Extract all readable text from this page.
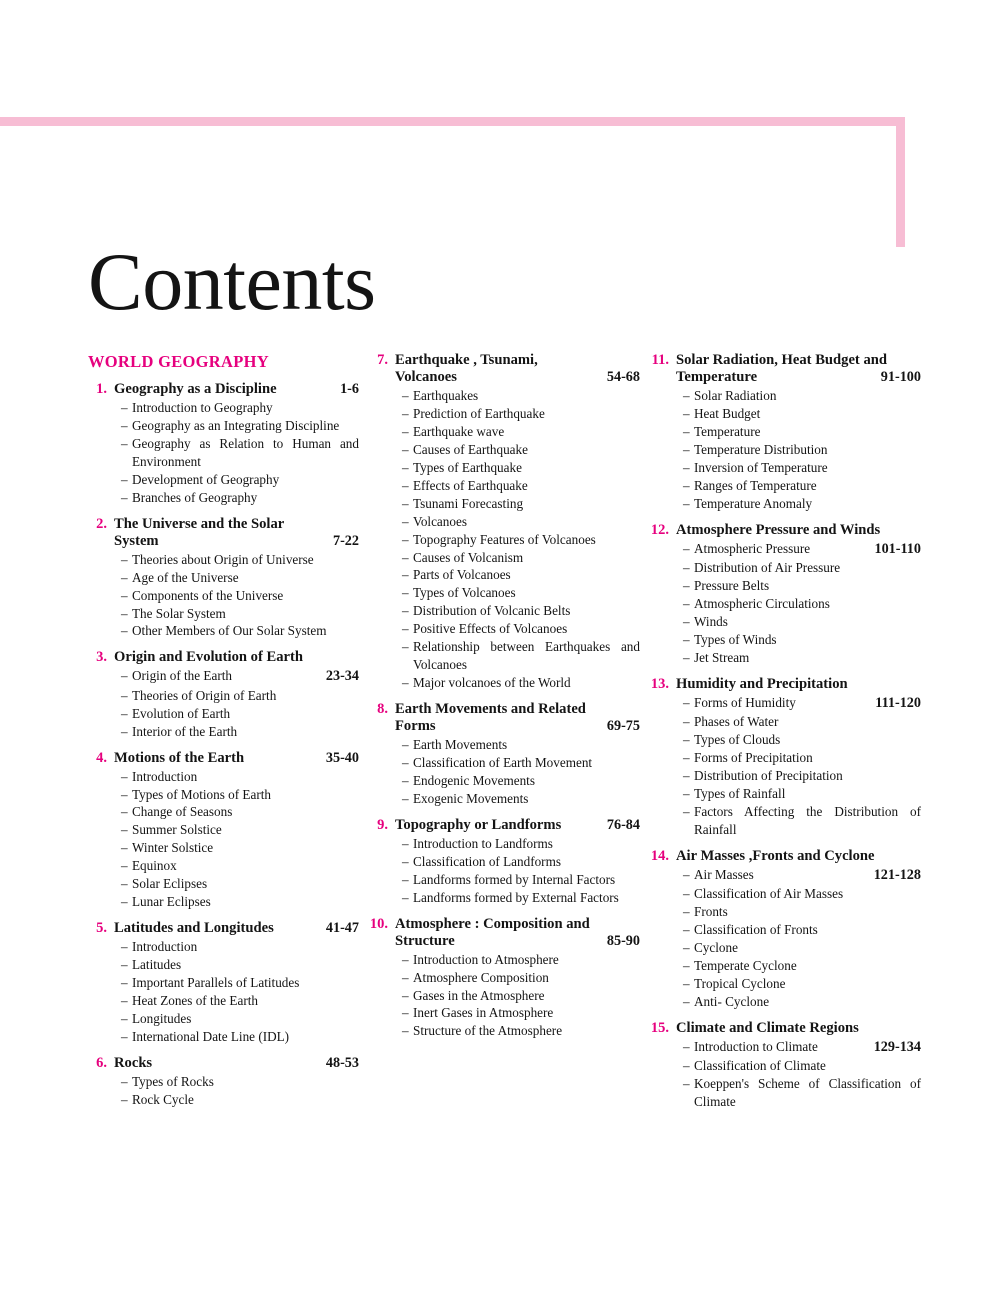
Contents
WORLD GEOGRAPHY
1. Geography as a Discipline	1-6
– Introduction to Geography
– Geography as an Integrating Discipline
– Geography as Relation to Human and Environment
– Development of Geography
– Branches of Geography
2. The Universe and the Solar
System	7-22
– Theories about Origin of Universe
– Age of the Universe
– Components of the Universe
– The Solar System
– Other Members of Our Solar System
3. Origin and Evolution of Earth
– Origin of the Earth	23-34
– Theories of Origin of Earth
– Evolution of Earth
– Interior of the Earth
4. Motions of the Earth	35-40
– Introduction
– Types of Motions of Earth
– Change of Seasons
– Summer Solstice
– Winter Solstice
– Equinox
– Solar Eclipses
– Lunar Eclipses
5. Latitudes and Longitudes	41-47
– Introduction
– Latitudes
– Important Parallels of Latitudes
– Heat Zones of the Earth
– Longitudes
– International Date Line (IDL)
6. Rocks	48-53
– Types of Rocks
– Rock Cycle
7. Earthquake , Tsunami,
Volcanoes	54-68
– Earthquakes
– Prediction of Earthquake
– Earthquake wave
– Causes of Earthquake
– Types of Earthquake
– Effects of Earthquake
– Tsunami Forecasting
– Volcanoes
– Topography Features of Volcanoes
– Causes of Volcanism
– Parts of Volcanoes
– Types of Volcanoes
– Distribution of Volcanic Belts
– Positive Effects of Volcanoes
– Relationship between Earthquakes and Volcanoes
– Major volcanoes of the World
8. Earth Movements and Related
Forms	69-75
– Earth Movements
– Classification of Earth Movement
– Endogenic Movements
– Exogenic Movements
9. Topography or Landforms	76-84
– Introduction to Landforms
– Classification of Landforms
– Landforms formed by Internal Factors
– Landforms formed by External Factors
10. Atmosphere : Composition and
Structure	85-90
– Introduction to Atmosphere
– Atmosphere Composition
– Gases in the Atmosphere
– Inert Gases in Atmosphere
– Structure of the Atmosphere
11. Solar Radiation, Heat Budget and
Temperature	91-100
– Solar Radiation
– Heat Budget
– Temperature
– Temperature Distribution
– Inversion of Temperature
– Ranges of Temperature
– Temperature Anomaly
12. Atmosphere Pressure and Winds
– Atmospheric Pressure	101-110
– Distribution of Air Pressure
– Pressure Belts
– Atmospheric Circulations
– Winds
– Types of Winds
– Jet Stream
13. Humidity and Precipitation
– Forms of Humidity	111-120
– Phases of Water
– Types of Clouds
– Forms of Precipitation
– Distribution of Precipitation
– Types of Rainfall
– Factors Affecting the Distribution of Rainfall
14. Air Masses ,Fronts and Cyclone
– Air Masses	121-128
– Classification of Air Masses
– Fronts
– Classification of Fronts
– Cyclone
– Temperate Cyclone
– Tropical Cyclone
– Anti- Cyclone
15. Climate and Climate Regions
– Introduction to Climate	129-134
– Classification of Climate
– Koeppen's Scheme of Classification of Climate
